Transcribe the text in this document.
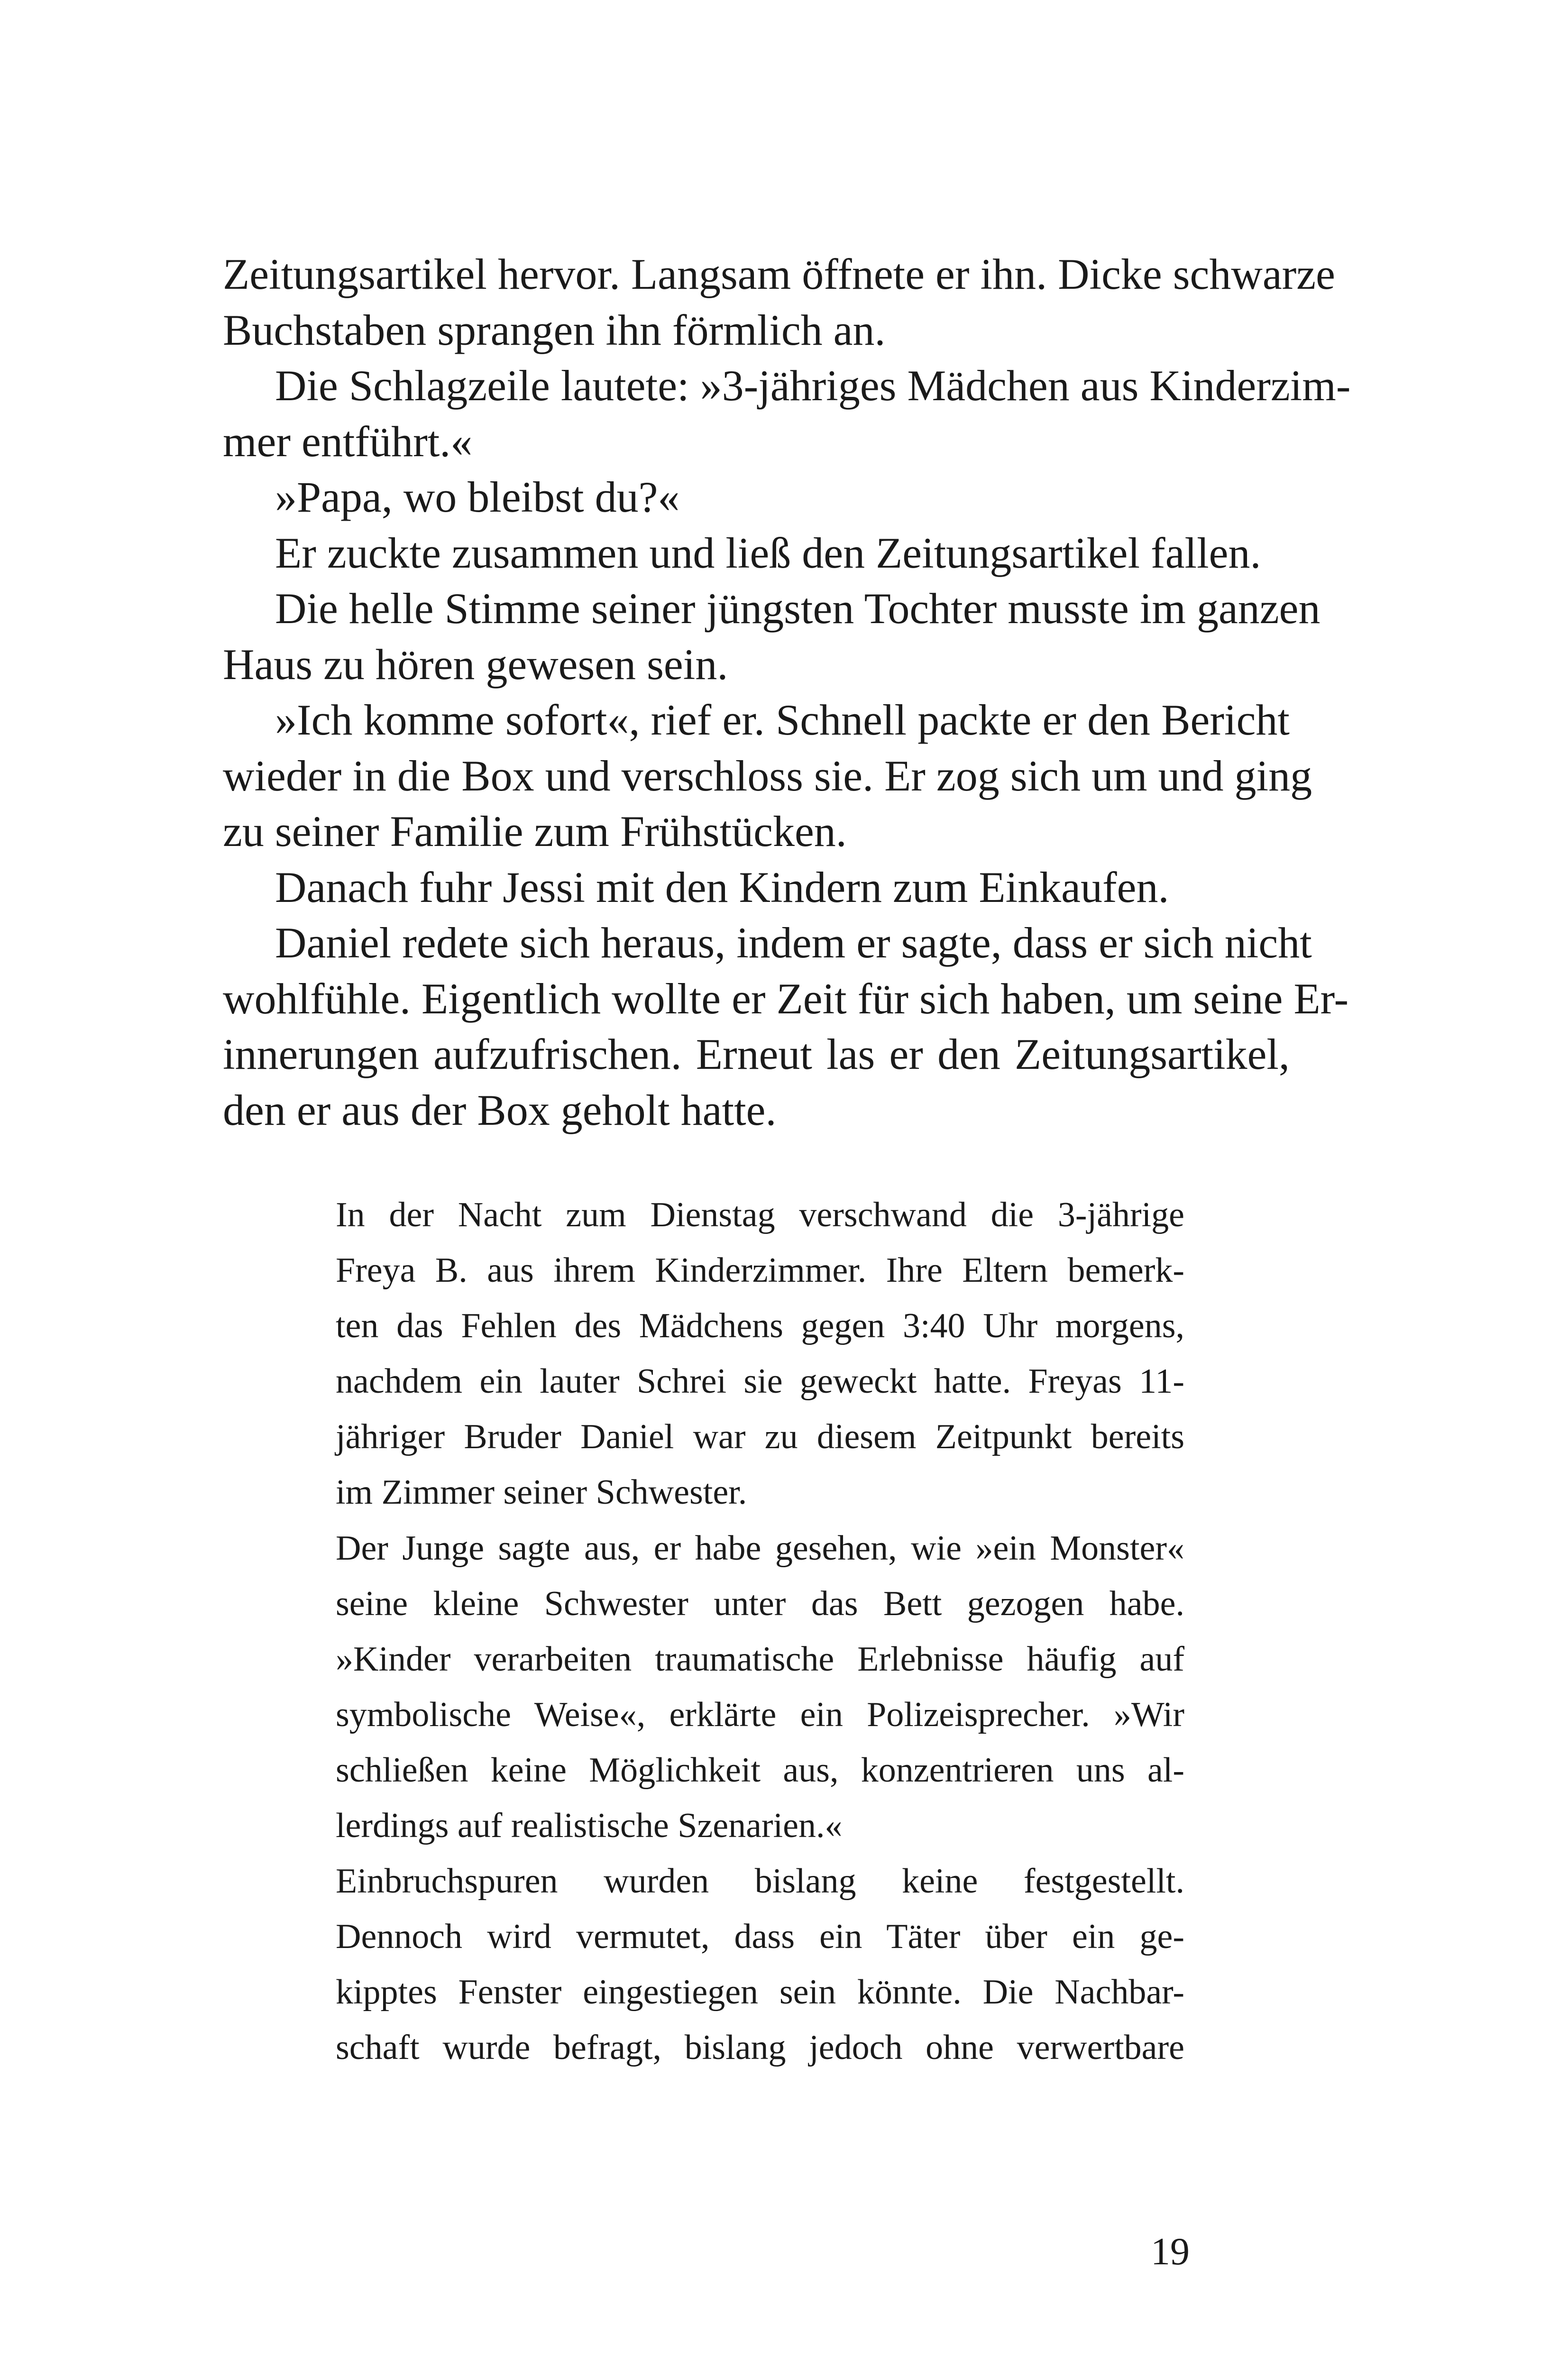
Zeitungsartikel hervor. Langsam öffnete er ihn. Dicke schwarze
Buchstaben sprangen ihn förmlich an.
Die Schlagzeile lautete: »3-jähriges Mädchen aus Kinderzim-
mer entführt.«
»Papa, wo bleibst du?«
Er zuckte zusammen und ließ den Zeitungsartikel fallen.
Die helle Stimme seiner jüngsten Tochter musste im ganzen
Haus zu hören gewesen sein.
»Ich komme sofort«, rief er. Schnell packte er den Bericht
wieder in die Box und verschloss sie. Er zog sich um und ging
zu seiner Familie zum Frühstücken.
Danach fuhr Jessi mit den Kindern zum Einkaufen.
Daniel redete sich heraus, indem er sagte, dass er sich nicht
wohlfühle. Eigentlich wollte er Zeit für sich haben, um seine Er-
innerungen aufzufrischen. Erneut las er den Zeitungsartikel,
den er aus der Box geholt hatte.
In der Nacht zum Dienstag verschwand die 3-jährige
Freya B. aus ihrem Kinderzimmer. Ihre Eltern bemerk-
ten das Fehlen des Mädchens gegen 3:40 Uhr morgens,
nachdem ein lauter Schrei sie geweckt hatte. Freyas 11-
jähriger Bruder Daniel war zu diesem Zeitpunkt bereits
im Zimmer seiner Schwester.
Der Junge sagte aus, er habe gesehen, wie »ein Monster«
seine kleine Schwester unter das Bett gezogen habe.
»Kinder verarbeiten traumatische Erlebnisse häufig auf
symbolische Weise«, erklärte ein Polizeisprecher. »Wir
schließen keine Möglichkeit aus, konzentrieren uns al-
lerdings auf realistische Szenarien.«
Einbruchspuren wurden bislang keine festgestellt.
Dennoch wird vermutet, dass ein Täter über ein ge-
kipptes Fenster eingestiegen sein könnte. Die Nachbar-
schaft wurde befragt, bislang jedoch ohne verwertbare
19
